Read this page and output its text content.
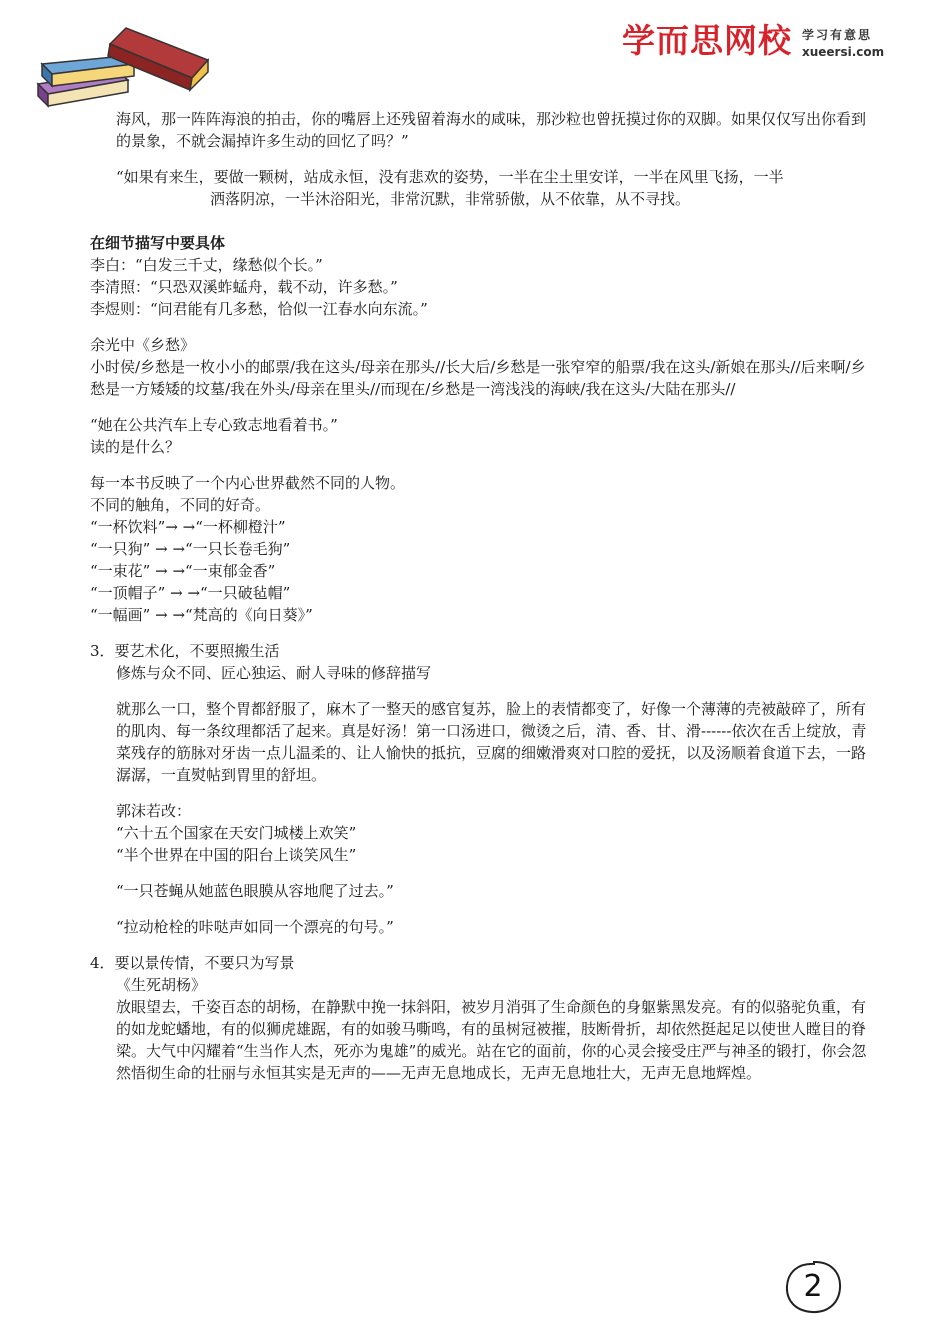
学而思网校 学习有意思
xueersi.com

海风，那一阵阵海浪的拍击，你的嘴唇上还残留着海水的咸味，那沙粒也曾抚摸过你的双脚。如果仅仅写出你看到的景象，不就会漏掉许多生动的回忆了吗？”

“如果有来生，要做一颗树，站成永恒，没有悲欢的姿势，一半在尘土里安详，一半在风里飞扬，一半

洒落阴凉，一半沐浴阳光，非常沉默，非常骄傲，从不依靠，从不寻找。

在细节描写中要具体

李白：“白发三千丈，缘愁似个长。”

李清照：“只恐双溪蚱蜢舟，载不动，许多愁。”

李煜则：“问君能有几多愁，恰似一江春水向东流。”

余光中《乡愁》

小时侯/乡愁是一枚小小的邮票/我在这头/母亲在那头//长大后/乡愁是一张窄窄的船票/我在这头/新娘在那头//后来啊/乡愁是一方矮矮的坟墓/我在外头/母亲在里头//而现在/乡愁是一湾浅浅的海峡/我在这头/大陆在那头//

“她在公共汽车上专心致志地看着书。”

读的是什么？

每一本书反映了一个内心世界截然不同的人物。

不同的触角，不同的好奇。

“一杯饮料”→ →“一杯柳橙汁”

“一只狗” → →“一只长卷毛狗”

“一束花” → →“一束郁金香”

“一顶帽子” → →“一只破毡帽”

“一幅画” → →“梵高的《向日葵》”

3．要艺术化，不要照搬生活

修炼与众不同、匠心独运、耐人寻味的修辞描写

就那么一口，整个胃都舒服了，麻木了一整天的感官复苏，脸上的表情都变了，好像一个薄薄的壳被敲碎了，所有的肌肉、每一条纹理都活了起来。真是好汤！第一口汤进口，微烫之后，清、香、甘、滑------依次在舌上绽放，青菜残存的筋脉对牙齿一点儿温柔的、让人愉快的抵抗，豆腐的细嫩滑爽对口腔的爱抚，以及汤顺着食道下去，一路潺潺，一直熨帖到胃里的舒坦。

郭沫若改：

“六十五个国家在天安门城楼上欢笑”

“半个世界在中国的阳台上谈笑风生”

“一只苍蝇从她蓝色眼膜从容地爬了过去。”

“拉动枪栓的咔哒声如同一个漂亮的句号。”

4．要以景传情，不要只为写景

《生死胡杨》

放眼望去，千姿百态的胡杨，在静默中挽一抹斜阳，被岁月消弭了生命颜色的身躯紫黑发亮。有的似骆驼负重，有的如龙蛇蟠地，有的似狮虎雄踞，有的如骏马嘶鸣，有的虽树冠被摧，肢断骨折，却依然挺起足以使世人瞠目的脊梁。大气中闪耀着“生当作人杰，死亦为鬼雄”的威光。站在它的面前，你的心灵会接受庄严与神圣的锻打，你会忽然悟彻生命的壮丽与永恒其实是无声的——无声无息地成长，无声无息地壮大，无声无息地辉煌。

2
